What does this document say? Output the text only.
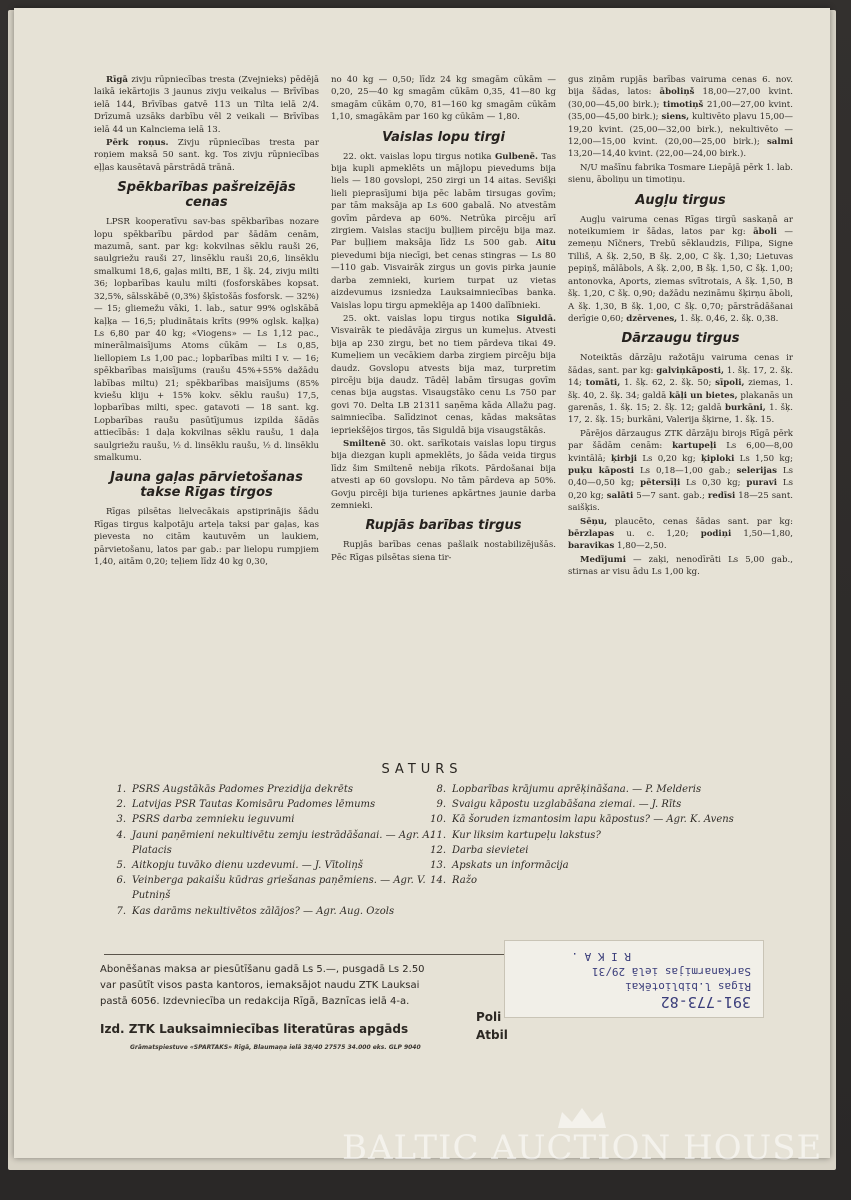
Rīgā zivju rūpniecības tresta (Zvejnieks) pēdējā laikā iekārtojis 3 jaunus zivju veikalus — Brīvības ielā 144, Brīvības gatvē 113 un Tilta ielā 2/4. Drīzumā uzsāks darbību vēl 2 veikali — Brīvības ielā 44 un Kalnciema ielā 13.

Pērk roņus. Zivju rūpniecības tresta par roņiem maksā 50 sant. kg. Tos zivju rūpniecības eļļas kausētavā pārstrādā trānā.

Spēkbarības pašreizējās cenas

LPSR kooperatīvu sav-bas spēkbarības nozare lopu spēkbarību pārdod par šādām cenām, mazumā, sant. par kg: kokvilnas sēklu rauši 26, saulgriežu rauši 27, linsēklu rauši 20,6, linsēklu smalkumi 18,6, gaļas milti, BE, 1 šķ. 24, zivju milti 36; lopbarības kaulu milti (fosforskābes kopsat. 32,5%, sālsskābē (0,3%) šķīstošās fosforsk. — 32%) — 15; gliemežu vāki, 1. lab., satur 99% oglskābā kaļķa — 16,5; pludinātais krīts (99% oglsk. kaļķa) Ls 6,80 par 40 kg; «Viogens» — Ls 1,12 pac., minerālmaisījums Atoms cūkām — Ls 0,85, liellopiem Ls 1,00 pac.; lopbarības milti I v. — 16; spēkbarības maisījums (raušu 45%+55% dažādu labības miltu) 21; spēkbarības maisījums (85% kviešu kliju + 15% kokv. sēklu raušu) 17,5, lopbarības milti, spec. gatavoti — 18 sant. kg. Lopbarības raušu pasūtījumus izpilda šādās attiecībās: 1 daļa kokvilnas sēklu raušu, 1 daļa saulgriežu raušu, ½ d. linsēklu raušu, ½ d. linsēklu smalkumu.

Jauna gaļas pārvietošanas takse Rīgas tirgos

Rīgas pilsētas lielvecākais apstiprinājis šādu Rīgas tirgus kalpotāju arteļa taksi par gaļas, kas pievesta no citām kautuvēm un laukiem, pārvietošanu, latos par gab.: par lielopu rumpjiem 1,40, aitām 0,20; teļiem līdz 40 kg 0,30,

no 40 kg — 0,50; līdz 24 kg smagām cūkām — 0,20, 25—40 kg smagām cūkām 0,35, 41—80 kg smagām cūkām 0,70, 81—160 kg smagām cūkām 1,10, smagākām par 160 kg cūkām — 1,80.

Vaislas lopu tirgi

22. okt. vaislas lopu tirgus notika Gulbenē. Tas bija kupli apmeklēts un mājlopu pievedums bija liels — 180 govslopi, 250 zirgi un 14 aitas. Sevišķi lieli pieprasījumi bija pēc labām tirsugas govīm; par tām maksāja ap Ls 600 gabalā. No atvestām govīm pārdeva ap 60%. Netrūka pircēju arī zirgiem. Vaislas staciju buļļiem pircēju bija maz. Par buļļiem maksāja līdz Ls 500 gab. Aitu pievedumi bija niecīgi, bet cenas stingras — Ls 80—110 gab. Visvairāk zirgus un govis pirka jaunie darba zemnieki, kuriem turpat uz vietas aizdevumus izsniedza Lauksaimniecības banka. Vaislas lopu tirgu apmeklēja ap 1400 dalībnieki.

25. okt. vaislas lopu tirgus notika Siguldā. Visvairāk te piedāvāja zirgus un kumeļus. Atvesti bija ap 230 zirgu, bet no tiem pārdeva tikai 49. Kumeļiem un vecākiem darba zirgiem pircēju bija daudz. Govslopu atvests bija maz, turpretim pircēju bija daudz. Tādēļ labām tīrsugas govīm cenas bija augstas. Visaugstāko cenu Ls 750 par govi 70. Delta LB 21311 saņēma kāda Allažu pag. saimniecība. Salīdzinot cenas, kādas maksātas iepriekšējos tirgos, tās Siguldā bija visaugstākās.

Smiltenē 30. okt. sarīkotais vaislas lopu tirgus bija diezgan kupli apmeklēts, jo šāda veida tirgus līdz šim Smiltenē nebija rīkots. Pārdošanai bija atvesti ap 60 govslopu. No tām pārdeva ap 50%. Govju pircēji bija turienes apkārtnes jaunie darba zemnieki.

Rupjās barības tirgus

Rupjās barības cenas pašlaik nostabilizējušās. Pēc Rīgas pilsētas siena tir-

gus ziņām rupjās barības vairuma cenas 6. nov. bija šādas, latos: āboliņš 18,00—27,00 kvint. (30,00—45,00 birk.); timotiņš 21,00—27,00 kvint. (35,00—45,00 birk.); siens, kultivēto pļavu 15,00—19,20 kvint. (25,00—32,00 birk.), nekultivēto — 12,00—15,00 kvint. (20,00—25,00 birk.); salmi 13,20—14,40 kvint. (22,00—24,00 birk.).

N/U mašīnu fabrika Tosmare Liepājā pērk 1. lab. sienu, āboliņu un timotiņu.

Augļu tirgus

Augļu vairuma cenas Rīgas tirgū saskaņā ar noteikumiem ir šādas, latos par kg: āboli — zemeņu Nīčners, Trebū sēklaudzis, Filipa, Signe Tilliš, A šķ. 2,50, B šķ. 2,00, C šķ. 1,30; Lietuvas pepiņš, mālābols, A šķ. 2,00, B šķ. 1,50, C šķ. 1,00; antonovka, Aports, ziemas svītrotais, A šķ. 1,50, B šķ. 1,20, C šķ. 0,90; dažādu nezināmu šķirņu āboli, A šķ. 1,30, B šķ. 1,00, C šķ. 0,70; pārstrādāšanai derīgie 0,60; dzērvenes, 1. šķ. 0,46, 2. šķ. 0,38.

Dārzaugu tirgus

Noteiktās dārzāju ražotāju vairuma cenas ir šādas, sant. par kg: galviņkāposti, 1. šķ. 17, 2. šķ. 14; tomāti, 1. šķ. 62, 2. šķ. 50; sīpoli, ziemas, 1. šķ. 40, 2. šķ. 34; galdā kāļi un bietes, plakanās un garenās, 1. šķ. 15; 2. šķ. 12; galdā burkāni, 1. šķ. 17, 2. šķ. 15; burkāni, Valerija šķirne, 1. šķ. 15.

Pārējos dārzaugus ZTK dārzāju birojs Rīgā pērk par šādām cenām: kartupeļi Ls 6,00—8,00 kvintālā; ķirbji Ls 0,20 kg; ķiploki Ls 1,50 kg; puķu kāposti Ls 0,18—1,00 gab.; selerijas Ls 0,40—0,50 kg; pētersīļi Ls 0,30 kg; puravi Ls 0,20 kg; salāti 5—7 sant. gab.; redīsi 18—25 sant. saišķis.

Sēņu, plaucēto, cenas šādas sant. par kg: bērzlapas u. c. 1,20; podiņi 1,50—1,80, baravikas 1,80—2,50.

Medījumi — zaķi, nenodīrāti Ls 5,00 gab., stirnas ar visu ādu Ls 1,00 kg.

SATURS
1. PSRS Augstākās Padomes Prezidija dekrēts
2. Latvijas PSR Tautas Komisāru Padomes lēmums
3. PSRS darba zemnieku ieguvumi
4. Jauni paņēmieni nekultivētu zemju iestrādāšanai. — Agr. A. Platacis
5. Aitkopju tuvāko dienu uzdevumi. — J. Vītoliņš
6. Veinberga pakaišu kūdras griešanas paņēmiens. — Agr. V. Putniņš
7. Kas darāms nekultivētos zālājos? — Agr. Aug. Ozols
8. Lopbarības krājumu aprēķināšana. — P. Melderis
9. Svaigu kāpostu uzglabāšana ziemai. — J. Rīts
10. Kā šoruden izmantosim lapu kāpostus? — Agr. K. Avens
11. Kur liksim kartupeļu lakstus?
12. Darba sievietei
13. Apskats un informācija
14. Ražo
Abonēšanas maksa ar piesūtīšanu gadā Ls 5.—, pusgadā Ls 2.50
var pasūtīt visos pasta kantoros, iemaksājot naudu ZTK Lauksai
pastā 6056. Izdevniecība un redakcija Rīgā, Baznīcas ielā 4-a.
Izd. ZTK Lauksaimniecības literatūras apgāds
Poli
Atbil
Grāmatspiestuve «SPARTAKS» Rīgā, Blaumaņa ielā 38/40 27575 34.000 eks. GLP 9040
391-773-82
Rīgas l.bibliotēkai
Sarkanarmijas ielā 29/31
R I K A .
BALTIC AUCTION HOUSE
